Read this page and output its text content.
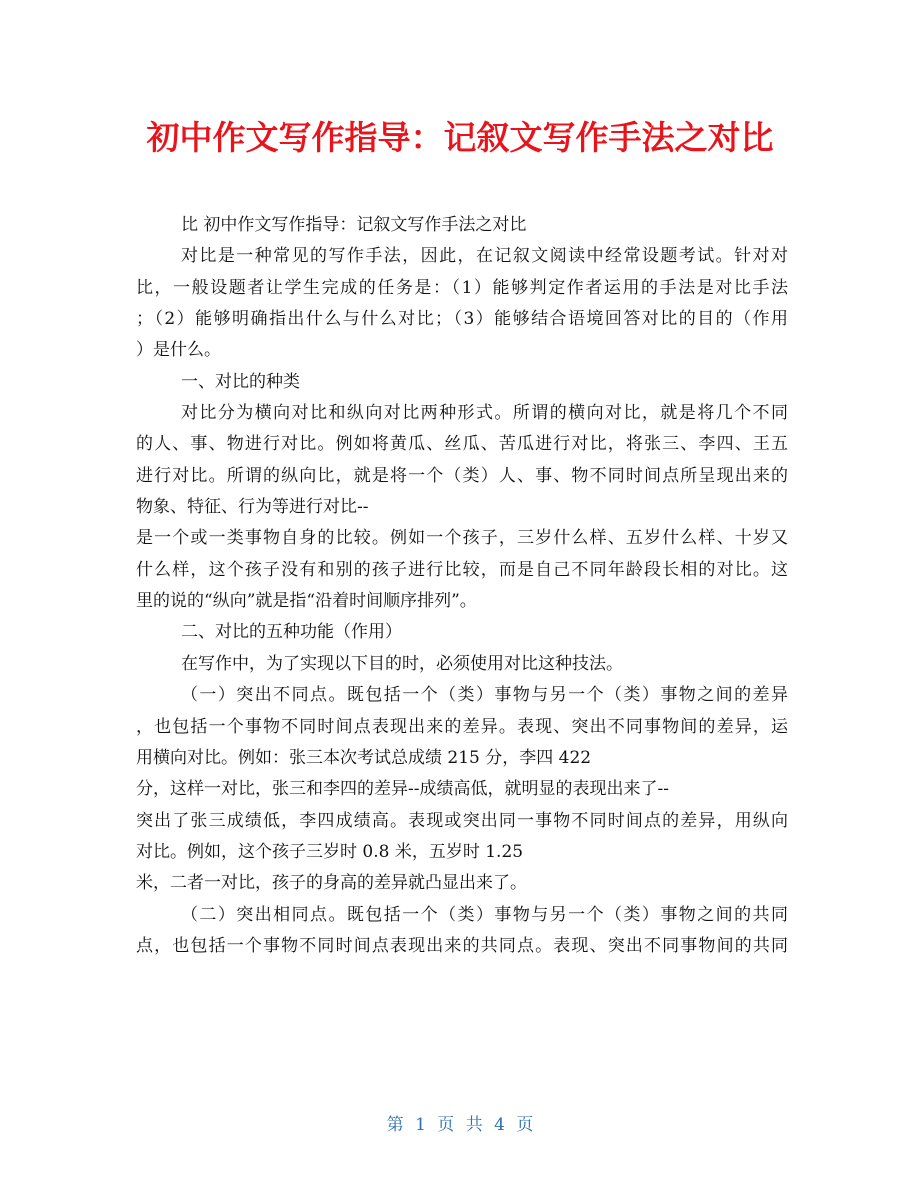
初中作文写作指导：记叙文写作手法之对比
比 初中作文写作指导：记叙文写作手法之对比
对比是一种常见的写作手法，因此，在记叙文阅读中经常设题考试。针对对
比，一般设题者让学生完成的任务是：（1）能够判定作者运用的手法是对比手法
；（2）能够明确指出什么与什么对比；（3）能够结合语境回答对比的目的（作用
）是什么。
一、对比的种类
对比分为横向对比和纵向对比两种形式。所谓的横向对比，就是将几个不同
的人、事、物进行对比。例如将黄瓜、丝瓜、苦瓜进行对比，将张三、李四、王五
进行对比。所谓的纵向比，就是将一个（类）人、事、物不同时间点所呈现出来的
物象、特征、行为等进行对比--
是一个或一类事物自身的比较。例如一个孩子，三岁什么样、五岁什么样、十岁又
什么样，这个孩子没有和别的孩子进行比较，而是自己不同年龄段长相的对比。这
里的说的“纵向”就是指“沿着时间顺序排列”。
二、对比的五种功能（作用）
在写作中，为了实现以下目的时，必须使用对比这种技法。
（一）突出不同点。既包括一个（类）事物与另一个（类）事物之间的差异
，也包括一个事物不同时间点表现出来的差异。表现、突出不同事物间的差异，运
用横向对比。例如：张三本次考试总成绩 215 分，李四 422
分，这样一对比，张三和李四的差异--成绩高低，就明显的表现出来了--
突出了张三成绩低，李四成绩高。表现或突出同一事物不同时间点的差异，用纵向
对比。例如，这个孩子三岁时 0.8 米，五岁时 1.25
米，二者一对比，孩子的身高的差异就凸显出来了。
（二）突出相同点。既包括一个（类）事物与另一个（类）事物之间的共同
点，也包括一个事物不同时间点表现出来的共同点。表现、突出不同事物间的共同
第 1 页 共 4 页
